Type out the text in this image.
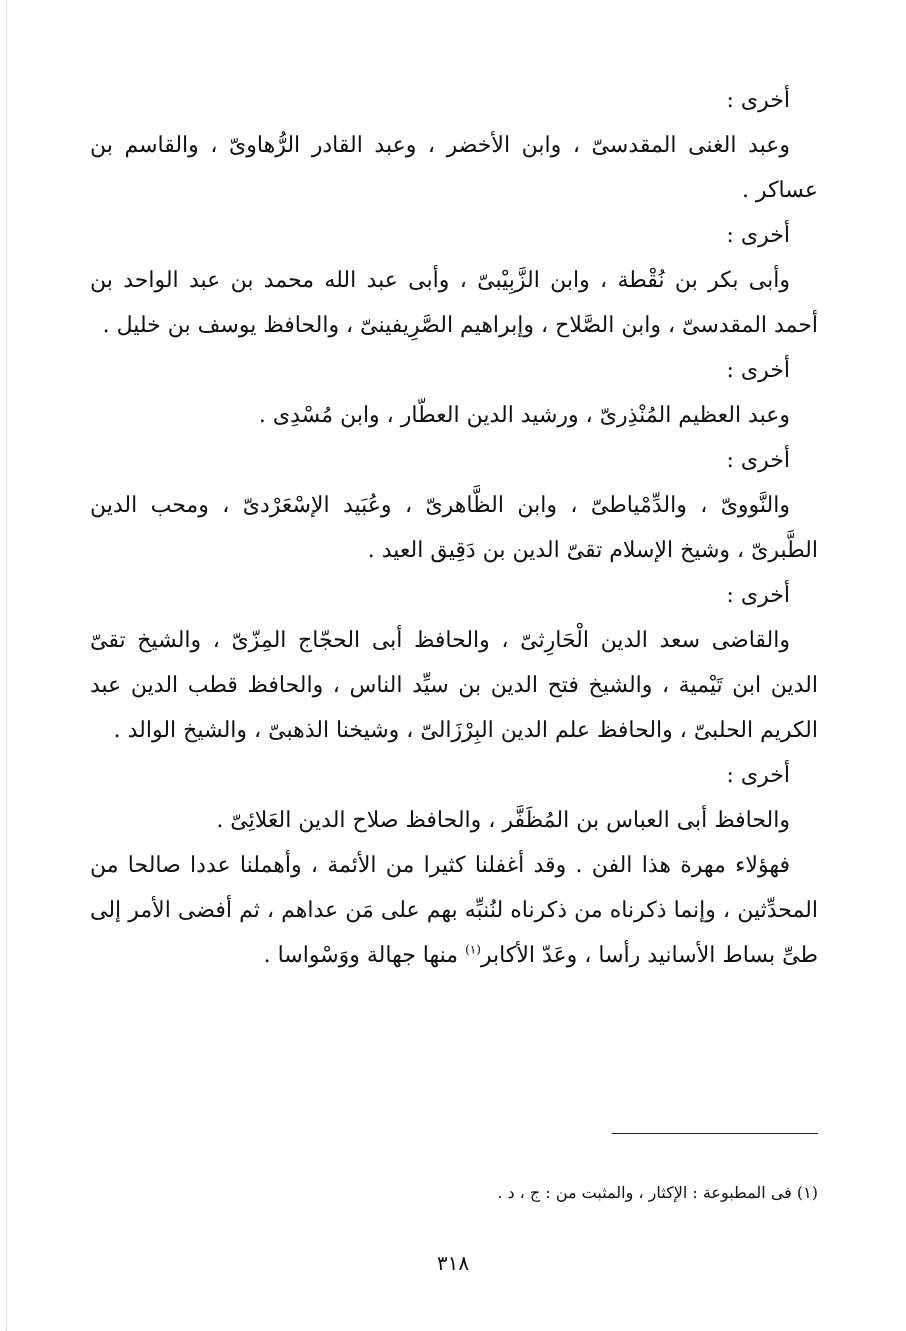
أخرى :

وعبد الغنى المقدسىّ ، وابن الأخضر ، وعبد القادر الرُّهاوىّ ، والقاسم بن عساكر .

أخرى :

وأبى بكر بن نُقْطة ، وابن الزَّبِيْبىّ ، وأبى عبد الله محمد بن عبد الواحد بن أحمد المقدسىّ ، وابن الصَّلاح ، وإبراهيم الصَّرِيفينىّ ، والحافظ يوسف بن خليل .

أخرى :

وعبد العظيم المُنْذِرىّ ، ورشيد الدين العطّار ، وابن مُسْدِى .

أخرى :

والنَّووىّ ، والدِّمْياطىّ ، وابن الظَّاهرىّ ، وعُبَيد الإسْعَرْدىّ ، ومحب الدين الطَّبرىّ ، وشيخ الإسلام تقىّ الدين بن دَقِيق العيد .

أخرى :

والقاضى سعد الدين الْحَارِثىّ ، والحافظ أبى الحجّاج المِزّىّ ، والشيخ تقىّ الدين ابن تَيْمية ، والشيخ فتح الدين بن سيِّد الناس ، والحافظ قطب الدين عبد الكريم الحلبىّ ، والحافظ علم الدين البِرْزَالىّ ، وشيخنا الذهبىّ ، والشيخ الوالد .

أخرى :

والحافظ أبى العباس بن المُظَفَّر ، والحافظ صلاح الدين العَلائِىّ .

فهؤلاء مهرة هذا الفن . وقد أغفلنا كثيرا من الأئمة ، وأهملنا عددا صالحا من المحدِّثين ، وإنما ذكرناه من ذكرناه لنُنبِّه بهم على مَن عداهم ، ثم أفضى الأمر إلى طىِّ بساط الأسانيد رأسا ، وعَدّ الأكابر$^{(١)}$ منها جهالة ووَسْواسا .

(١) فى المطبوعة : الإكثار ، والمثبت من : ج ، د .
٣١٨
